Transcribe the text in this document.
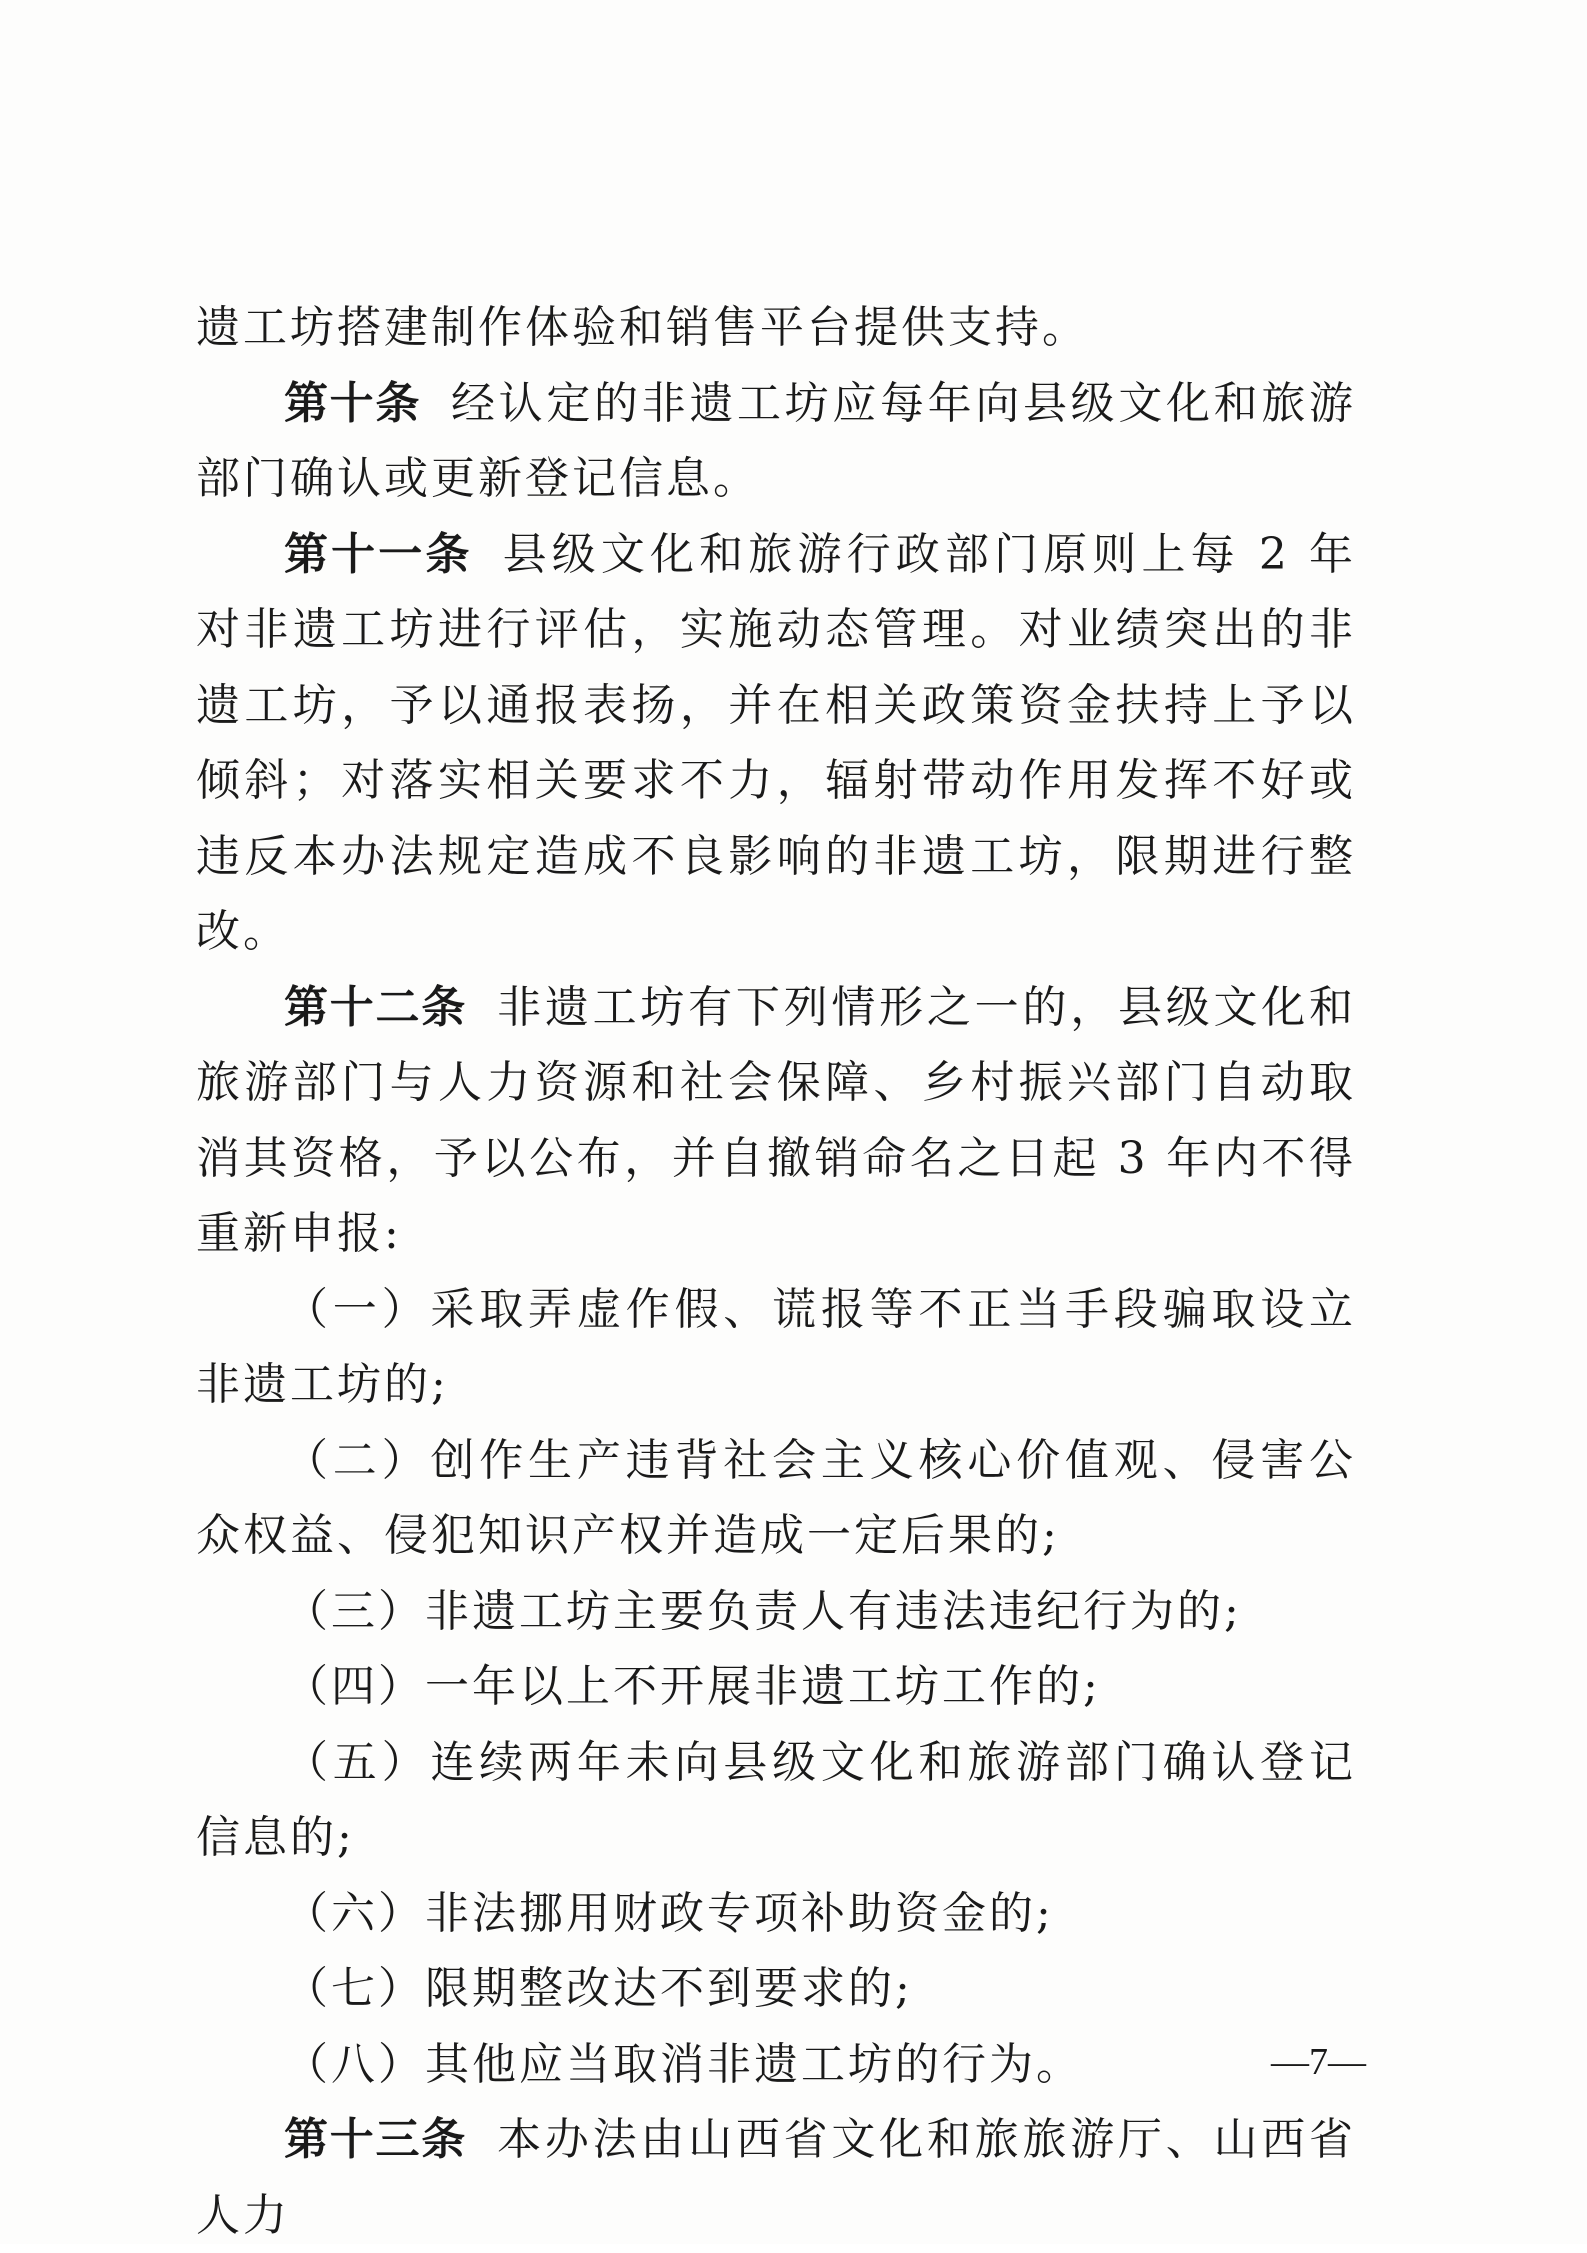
遗工坊搭建制作体验和销售平台提供支持。

第十条 经认定的非遗工坊应每年向县级文化和旅游部门确认或更新登记信息。

第十一条 县级文化和旅游行政部门原则上每 2 年对非遗工坊进行评估，实施动态管理。对业绩突出的非遗工坊，予以通报表扬，并在相关政策资金扶持上予以倾斜；对落实相关要求不力，辐射带动作用发挥不好或违反本办法规定造成不良影响的非遗工坊，限期进行整改。

第十二条 非遗工坊有下列情形之一的，县级文化和旅游部门与人力资源和社会保障、乡村振兴部门自动取消其资格，予以公布，并自撤销命名之日起 3 年内不得重新申报:

（一）采取弄虚作假、谎报等不正当手段骗取设立非遗工坊的;

（二）创作生产违背社会主义核心价值观、侵害公众权益、侵犯知识产权并造成一定后果的;

（三）非遗工坊主要负责人有违法违纪行为的;

（四）一年以上不开展非遗工坊工作的;

（五）连续两年未向县级文化和旅游部门确认登记信息的;

（六）非法挪用财政专项补助资金的;

（七）限期整改达不到要求的;

（八）其他应当取消非遗工坊的行为。

第十三条 本办法由山西省文化和旅旅游厅、山西省人力

—7—
